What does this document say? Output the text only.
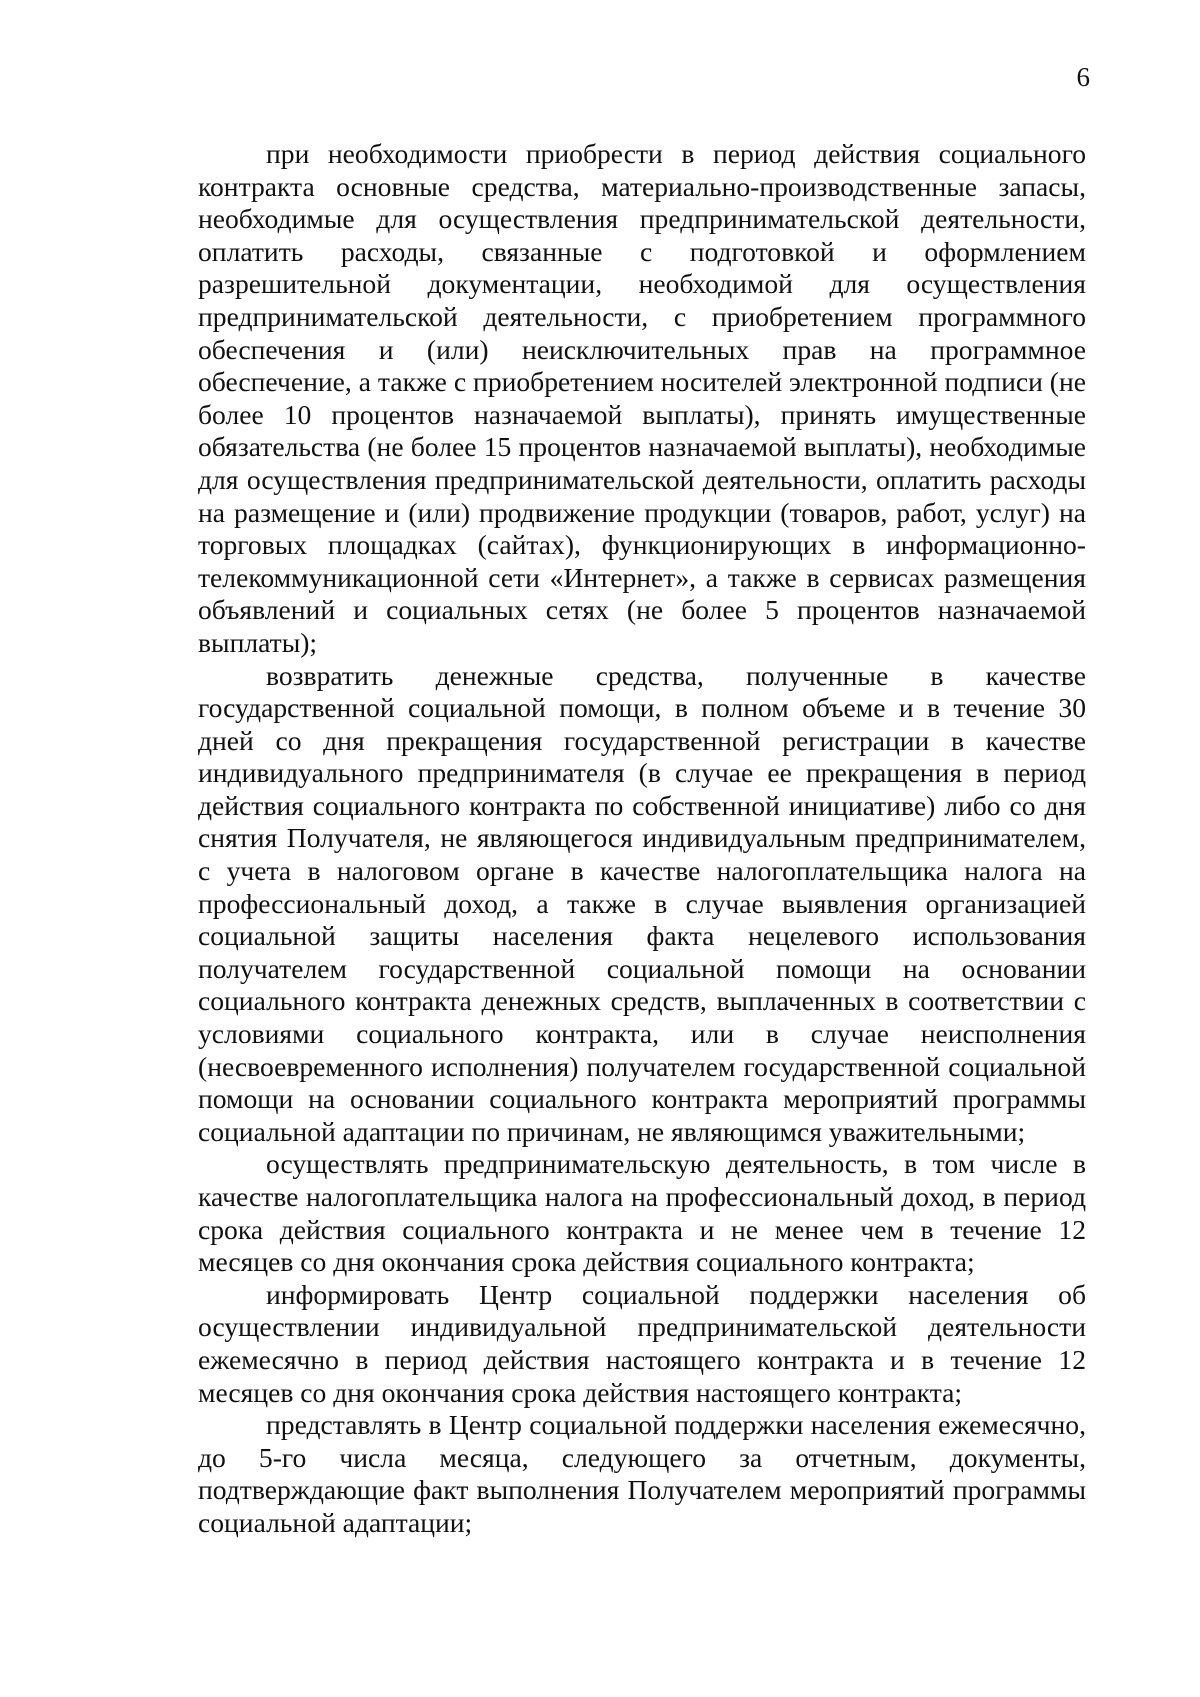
6

при необходимости приобрести в период действия социального контракта основные средства, материально-производственные запасы, необходимые для осуществления предпринимательской деятельности, оплатить расходы, связанные с подготовкой и оформлением разрешительной документации, необходимой для осуществления предпринимательской деятельности, с приобретением программного обеспечения и (или) неисключительных прав на программное обеспечение, а также с приобретением носителей электронной подписи (не более 10 процентов назначаемой выплаты), принять имущественные обязательства (не более 15 процентов назначаемой выплаты), необходимые для осуществления предпринимательской деятельности, оплатить расходы на размещение и (или) продвижение продукции (товаров, работ, услуг) на торговых площадках (сайтах), функционирующих в информационно-телекоммуникационной сети «Интернет», а также в сервисах размещения объявлений и социальных сетях (не более 5 процентов назначаемой выплаты);

возвратить денежные средства, полученные в качестве государственной социальной помощи, в полном объеме и в течение 30 дней со дня прекращения государственной регистрации в качестве индивидуального предпринимателя (в случае ее прекращения в период действия социального контракта по собственной инициативе) либо со дня снятия Получателя, не являющегося индивидуальным предпринимателем, с учета в налоговом органе в качестве налогоплательщика налога на профессиональный доход, а также в случае выявления организацией социальной защиты населения факта нецелевого использования получателем государственной социальной помощи на основании социального контракта денежных средств, выплаченных в соответствии с условиями социального контракта, или в случае неисполнения (несвоевременного исполнения) получателем государственной социальной помощи на основании социального контракта мероприятий программы социальной адаптации по причинам, не являющимся уважительными;

осуществлять предпринимательскую деятельность, в том числе в качестве налогоплательщика налога на профессиональный доход, в период срока действия социального контракта и не менее чем в течение 12 месяцев со дня окончания срока действия социального контракта;

информировать Центр социальной поддержки населения об осуществлении индивидуальной предпринимательской деятельности ежемесячно в период действия настоящего контракта и в течение 12 месяцев со дня окончания срока действия настоящего контракта;

представлять в Центр социальной поддержки населения ежемесячно, до 5-го числа месяца, следующего за отчетным, документы, подтверждающие факт выполнения Получателем мероприятий программы социальной адаптации;
